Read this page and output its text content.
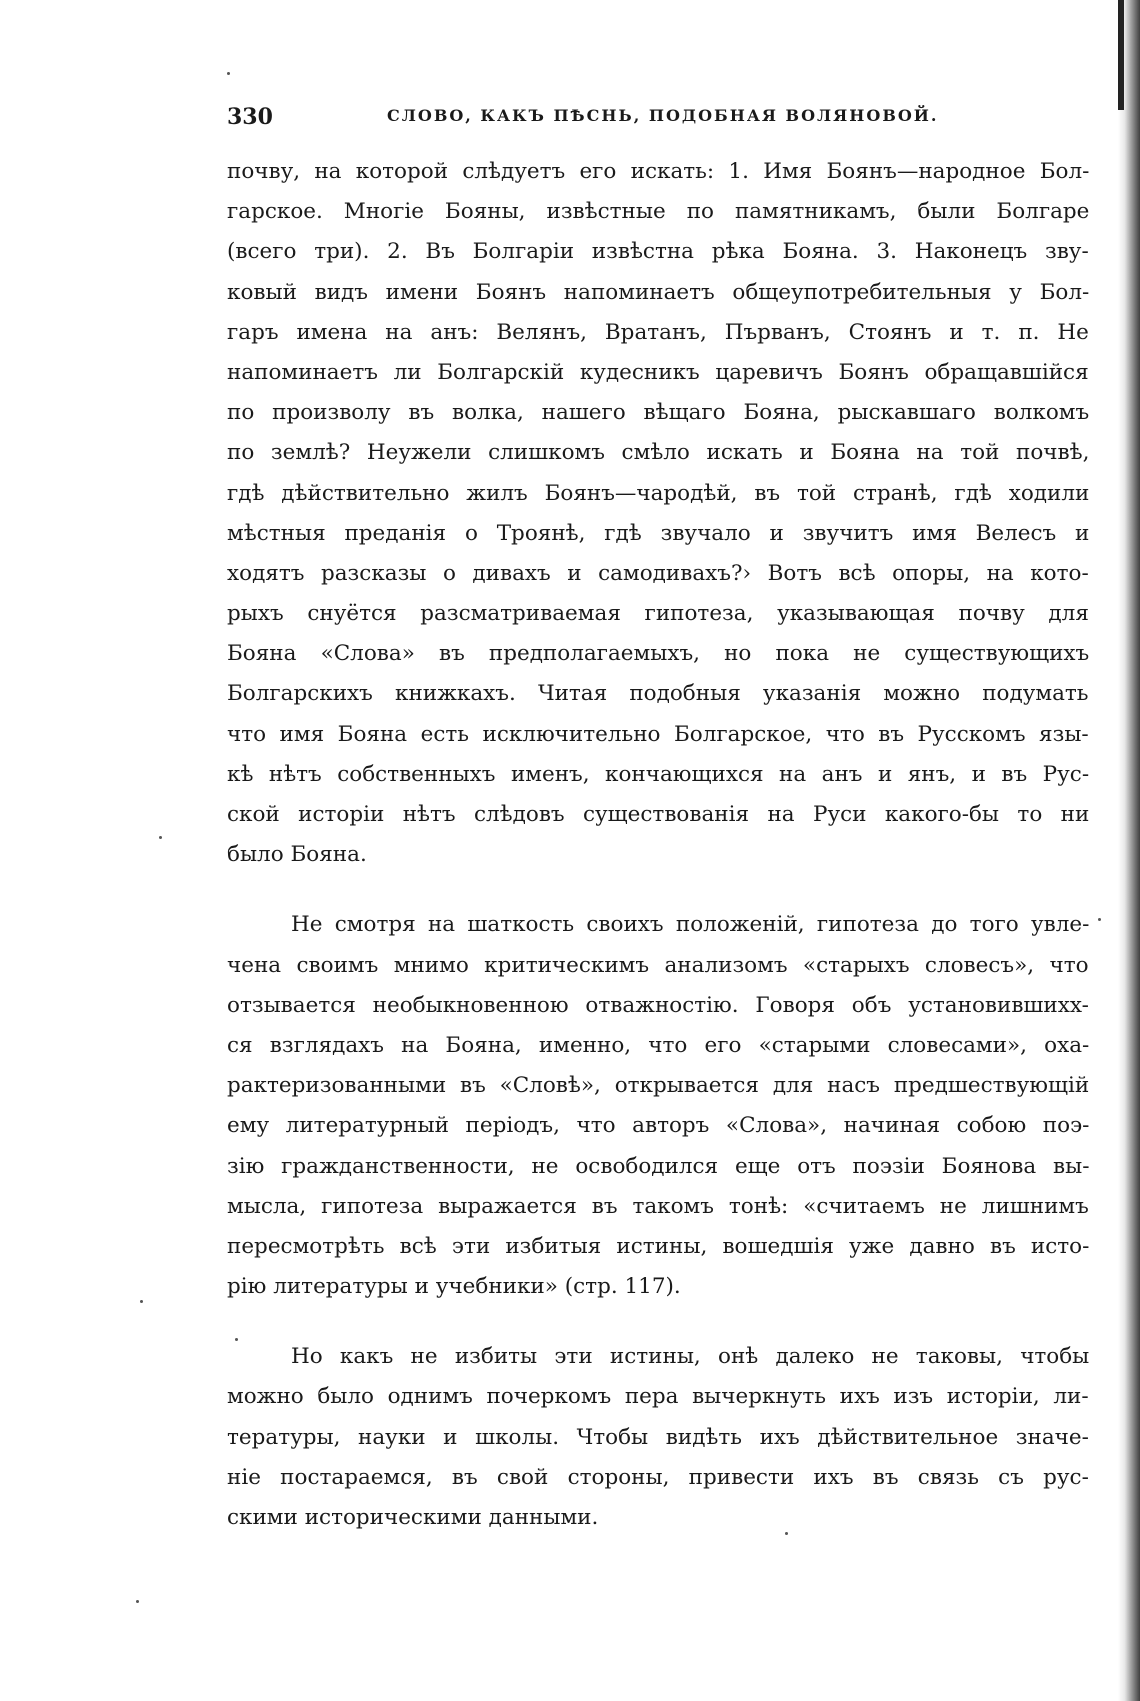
330	СЛОВО, КАКЪ ПѢСНЬ, ПОДОБНАЯ ВОЛЯНОВОЙ.
почву, на которой слѣдуетъ его искать: 1. Имя Боянъ—народное Бол-
гарское. Многіе Бояны, извѣстные по памятникамъ, были Болгаре
(всего три). 2. Въ Болгаріи извѣстна рѣка Бояна. 3. Наконецъ зву-
ковый видъ имени Боянъ напоминаетъ общеупотребительныя у Бол-
гаръ имена на анъ: Велянъ, Вратанъ, Първанъ, Стоянъ и т. п. Не
напоминаетъ ли Болгарскій кудесникъ царевичъ Боянъ обращавшійся
по произволу въ волка, нашего вѣщаго Бояна, рыскавшаго волкомъ
по землѣ? Неужели слишкомъ смѣло искать и Бояна на той почвѣ,
гдѣ дѣйствительно жилъ Боянъ—чародѣй, въ той странѣ, гдѣ ходили
мѣстныя преданія о Троянѣ, гдѣ звучало и звучитъ имя Велесъ и
ходятъ разсказы о дивахъ и самодивахъ?› Вотъ всѣ опоры, на кото-
рыхъ снуётся разсматриваемая гипотеза, указывающая почву для
Бояна «Слова» въ предполагаемыхъ, но пока не существующихъ
Болгарскихъ книжкахъ. Читая подобныя указанія можно подумать
что имя Бояна есть исключительно Болгарское, что въ Русскомъ язы-
кѣ нѣтъ собственныхъ именъ, кончающихся на анъ и янъ, и въ Рус-
ской исторіи нѣтъ слѣдовъ существованія на Руси какого-бы то ни
было Бояна.
Не смотря на шаткость своихъ положеній, гипотеза до того увле-
чена своимъ мнимо критическимъ анализомъ «старыхъ словесъ», что
отзывается необыкновенною отважностію. Говоря объ установившихx-
ся взглядахъ на Бояна, именно, что его «старыми словесами», оха-
рактеризованными въ «Словѣ», открывается для насъ предшествующій
ему литературный періодъ, что авторъ «Слова», начиная собою поэ-
зію гражданственности, не освободился еще отъ поэзіи Боянова вы-
мысла, гипотеза выражается въ такомъ тонѣ: «считаемъ не лишнимъ
пересмотрѣть всѣ эти избитыя истины, вошедшія уже давно въ исто-
рію литературы и учебники» (стр. 117).
Но какъ не избиты эти истины, онѣ далеко не таковы, чтобы
можно было однимъ почеркомъ пера вычеркнуть ихъ изъ исторіи, ли-
тературы, науки и школы. Чтобы видѣть ихъ дѣйствительное значе-
ніе постараемся, въ свой стороны, привести ихъ въ связь съ рус-
скими историческими данными.
